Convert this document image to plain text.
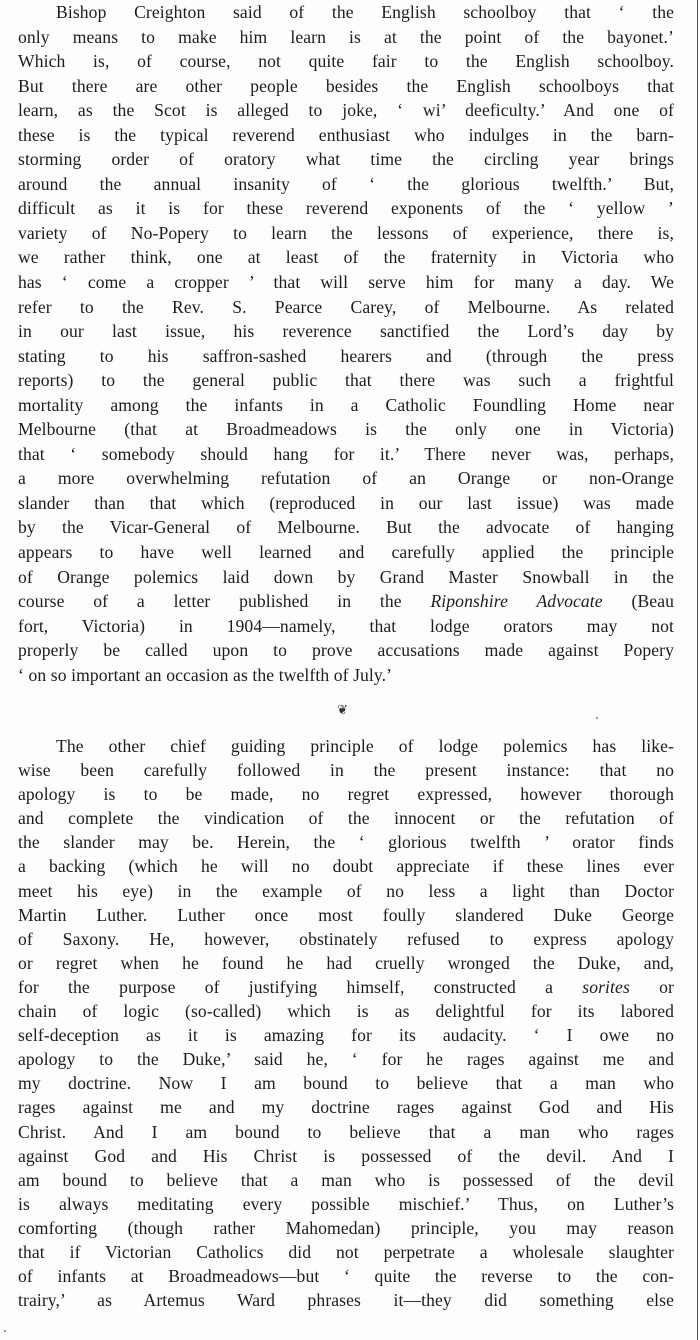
Bishop Creighton said of the English schoolboy that ‘ the
only means to make him learn is at the point of the bayonet.’
Which is, of course, not quite fair to the English schoolboy.
But there are other people besides the English schoolboys that
learn, as the Scot is alleged to joke, ‘ wi’ deeficulty.’ And one of
these is the typical reverend enthusiast who indulges in the barn-
storming order of oratory what time the circling year brings
around the annual insanity of ‘ the glorious twelfth.’ But,
difficult as it is for these reverend exponents of the ‘ yellow ’
variety of No-Popery to learn the lessons of experience, there is,
we rather think, one at least of the fraternity in Victoria who
has ‘ come a cropper ’ that will serve him for many a day. We
refer to the Rev. S. Pearce Carey, of Melbourne. As related
in our last issue, his reverence sanctified the Lord’s day by
stating to his saffron-sashed hearers and (through the press
reports) to the general public that there was such a frightful
mortality among the infants in a Catholic Foundling Home near
Melbourne (that at Broadmeadows is the only one in Victoria)
that ‘ somebody should hang for it.’ There never was, perhaps,
a more overwhelming refutation of an Orange or non-Orange
slander than that which (reproduced in our last issue) was made
by the Vicar-General of Melbourne. But the advocate of hanging
appears to have well learned and carefully applied the principle
of Orange polemics laid down by Grand Master Snowball in the
course of a letter published in the Riponshire Advocate (Beau
fort, Victoria) in 1904—namely, that lodge orators may not
properly be called upon to prove accusations made against Popery
‘ on so important an occasion as the twelfth of July.’
❦
The other chief guiding principle of lodge polemics has like-
wise been carefully followed in the present instance: that no
apology is to be made, no regret expressed, however thorough
and complete the vindication of the innocent or the refutation of
the slander may be. Herein, the ‘ glorious twelfth ’ orator finds
a backing (which he will no doubt appreciate if these lines ever
meet his eye) in the example of no less a light than Doctor
Martin Luther. Luther once most foully slandered Duke George
of Saxony. He, however, obstinately refused to express apology
or regret when he found he had cruelly wronged the Duke, and,
for the purpose of justifying himself, constructed a sorites or
chain of logic (so-called) which is as delightful for its labored
self-deception as it is amazing for its audacity. ‘ I owe no
apology to the Duke,’ said he, ‘ for he rages against me and
my doctrine. Now I am bound to believe that a man who
rages against me and my doctrine rages against God and His
Christ. And I am bound to believe that a man who rages
against God and His Christ is possessed of the devil. And I
am bound to believe that a man who is possessed of the devil
is always meditating every possible mischief.’ Thus, on Luther’s
comforting (though rather Mahomedan) principle, you may reason
that if Victorian Catholics did not perpetrate a wholesale slaughter
of infants at Broadmeadows—but ‘ quite the reverse to the con-
trairy,’ as Artemus Ward phrases it—they did something else
